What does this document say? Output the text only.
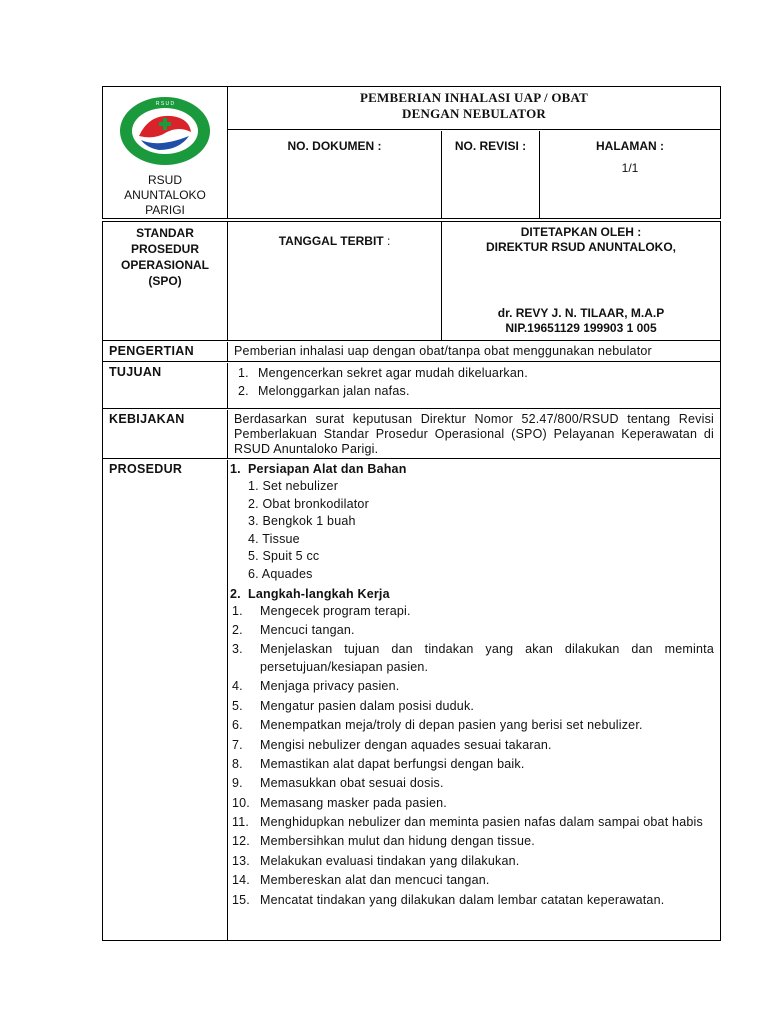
R S U D
RSUD
ANUNTALOKO
PARIGI
PEMBERIAN INHALASI UAP / OBAT
DENGAN NEBULATOR
NO. DOKUMEN :	NO. REVISI :	HALAMAN :
1/1
STANDAR
PROSEDUR
OPERASIONAL
(SPO)
TANGGAL TERBIT :
DITETAPKAN OLEH :
DIREKTUR RSUD ANUNTALOKO,
dr. REVY J. N. TILAAR, M.A.P
NIP.19651129 199903 1 005
PENGERTIAN	Pemberian inhalasi uap dengan obat/tanpa obat menggunakan nebulator
TUJUAN	1. Mengencerkan sekret agar mudah dikeluarkan.
2. Melonggarkan jalan nafas.
KEBIJAKAN	Berdasarkan surat keputusan Direktur Nomor 52.47/800/RSUD tentang Revisi Pemberlakuan Standar Prosedur Operasional (SPO) Pelayanan Keperawatan di RSUD Anuntaloko Parigi.
PROSEDUR	1. Persiapan Alat dan Bahan
1. Set nebulizer
2. Obat bronkodilator
3. Bengkok 1 buah
4. Tissue
5. Spuit 5 cc
6. Aquades
2. Langkah-langkah Kerja
1.	Mengecek program terapi.
2.	Mencuci tangan.
3.	Menjelaskan tujuan dan tindakan yang akan dilakukan dan meminta persetujuan/kesiapan pasien.
4.	Menjaga privacy pasien.
5.	Mengatur pasien dalam posisi duduk.
6.	Menempatkan meja/troly di depan pasien yang berisi set nebulizer.
7.	Mengisi nebulizer dengan aquades sesuai takaran.
8.	Memastikan alat dapat berfungsi dengan baik.
9.	Memasukkan obat sesuai dosis.
10. Memasang masker pada pasien.
11. Menghidupkan nebulizer dan meminta pasien nafas dalam sampai obat habis
12. Membersihkan mulut dan hidung dengan tissue.
13. Melakukan evaluasi tindakan yang dilakukan.
14. Membereskan alat dan mencuci tangan.
15. Mencatat tindakan yang dilakukan dalam lembar catatan keperawatan.
